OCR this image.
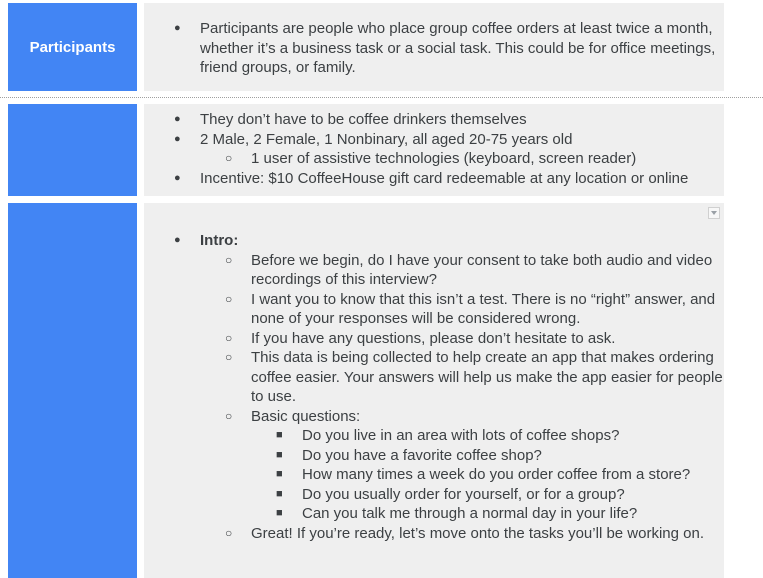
Participants
● Participants are people who place group coffee orders at least twice a month, whether it’s a business task or a social task. This could be for office meetings, friend groups, or family.
● They don’t have to be coffee drinkers themselves
● 2 Male, 2 Female, 1 Nonbinary, all aged 20-75 years old
○ 1 user of assistive technologies (keyboard, screen reader)
● Incentive: $10 CoffeeHouse gift card redeemable at any location or online
● Intro:
○ Before we begin, do I have your consent to take both audio and video recordings of this interview?
○ I want you to know that this isn’t a test. There is no “right” answer, and none of your responses will be considered wrong.
○ If you have any questions, please don’t hesitate to ask.
○ This data is being collected to help create an app that makes ordering coffee easier. Your answers will help us make the app easier for people to use.
○ Basic questions:
■ Do you live in an area with lots of coffee shops?
■ Do you have a favorite coffee shop?
■ How many times a week do you order coffee from a store?
■ Do you usually order for yourself, or for a group?
■ Can you talk me through a normal day in your life?
○ Great! If you’re ready, let’s move onto the tasks you’ll be working on.
